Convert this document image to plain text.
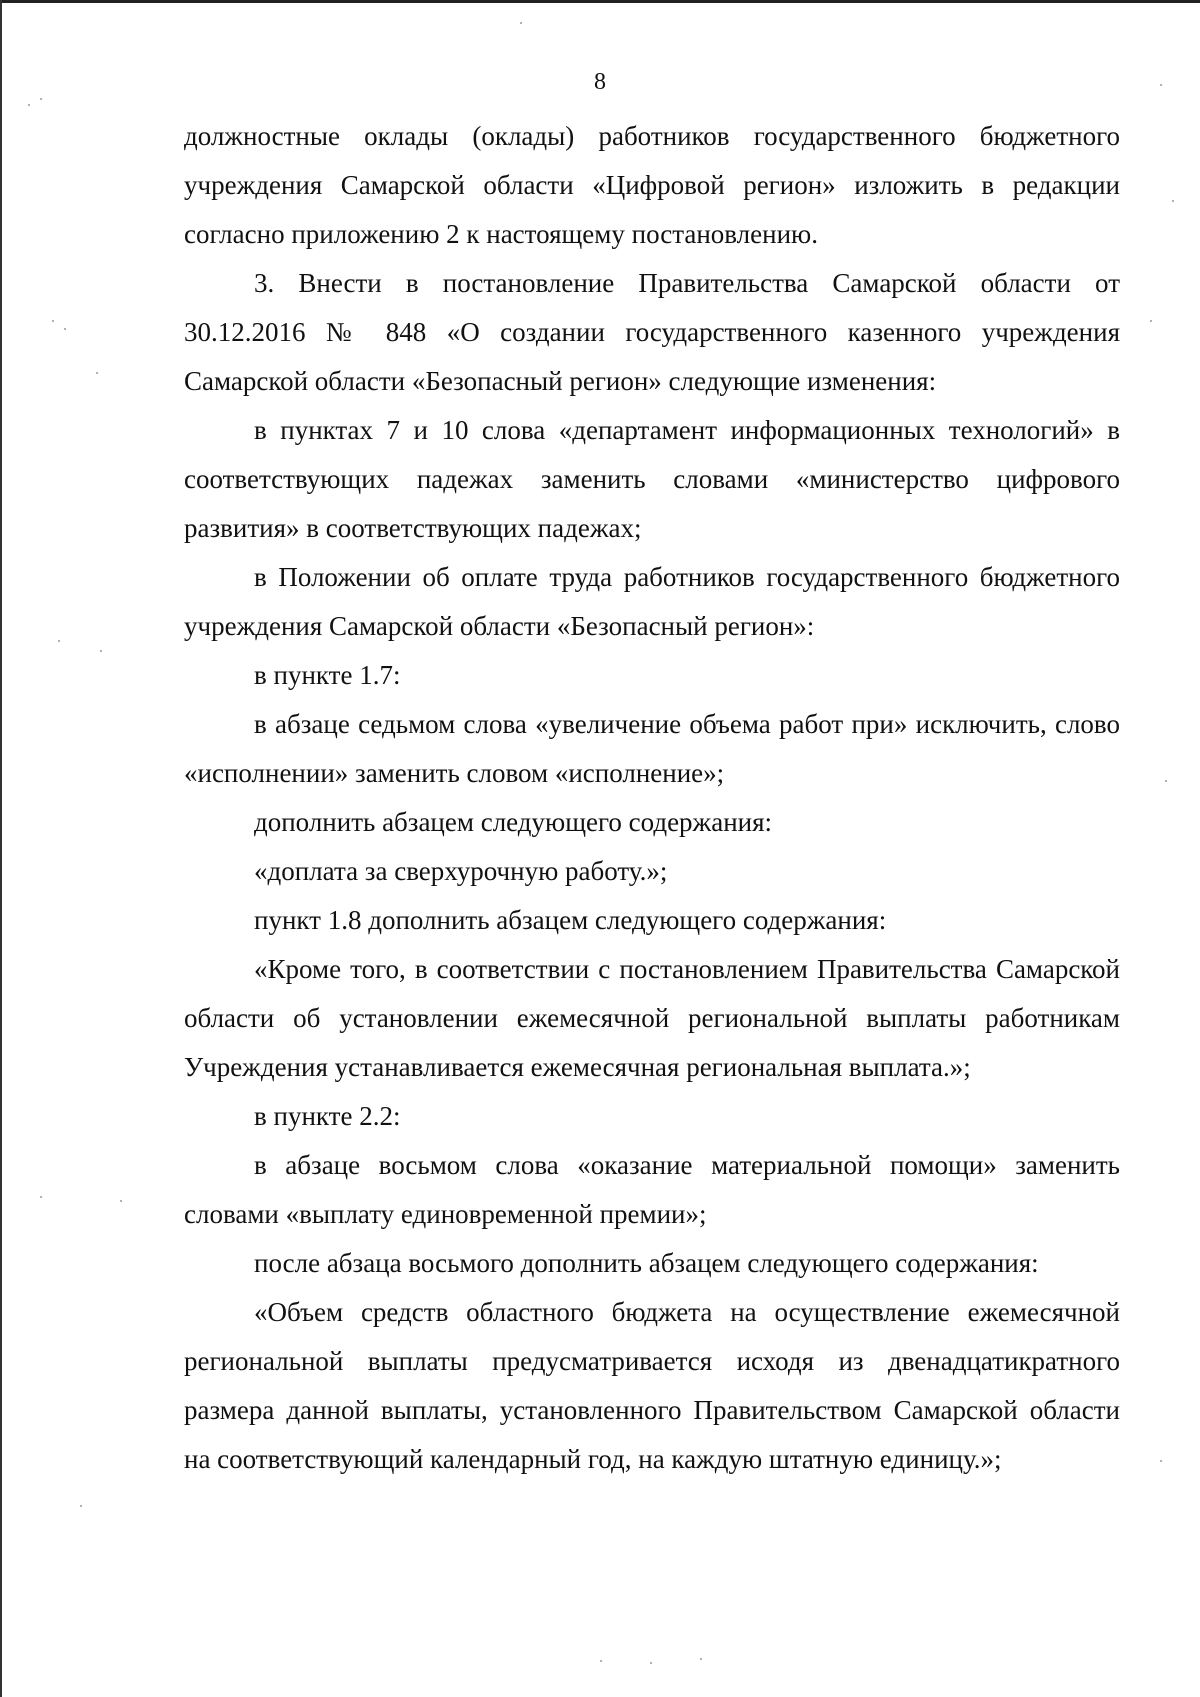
8

должностные оклады (оклады) работников государственного бюджетного учреждения Самарской области «Цифровой регион» изложить в редакции согласно приложению 2 к настоящему постановлению.

3. Внести в постановление Правительства Самарской области от 30.12.2016 № 848 «О создании государственного казенного учреждения Самарской области «Безопасный регион» следующие изменения:

в пунктах 7 и 10 слова «департамент информационных технологий» в соответствующих падежах заменить словами «министерство цифрового развития» в соответствующих падежах;

в Положении об оплате труда работников государственного бюджетного учреждения Самарской области «Безопасный регион»:

в пункте 1.7:

в абзаце седьмом слова «увеличение объема работ при» исключить, слово «исполнении» заменить словом «исполнение»;

дополнить абзацем следующего содержания:

«доплата за сверхурочную работу.»;

пункт 1.8 дополнить абзацем следующего содержания:

«Кроме того, в соответствии с постановлением Правительства Самарской области об установлении ежемесячной региональной выплаты работникам Учреждения устанавливается ежемесячная региональная выплата.»;

в пункте 2.2:

в абзаце восьмом слова «оказание материальной помощи» заменить словами «выплату единовременной премии»;

после абзаца восьмого дополнить абзацем следующего содержания:

«Объем средств областного бюджета на осуществление ежемесячной региональной выплаты предусматривается исходя из двенадцатикратного размера данной выплаты, установленного Правительством Самарской области на соответствующий календарный год, на каждую штатную единицу.»;
